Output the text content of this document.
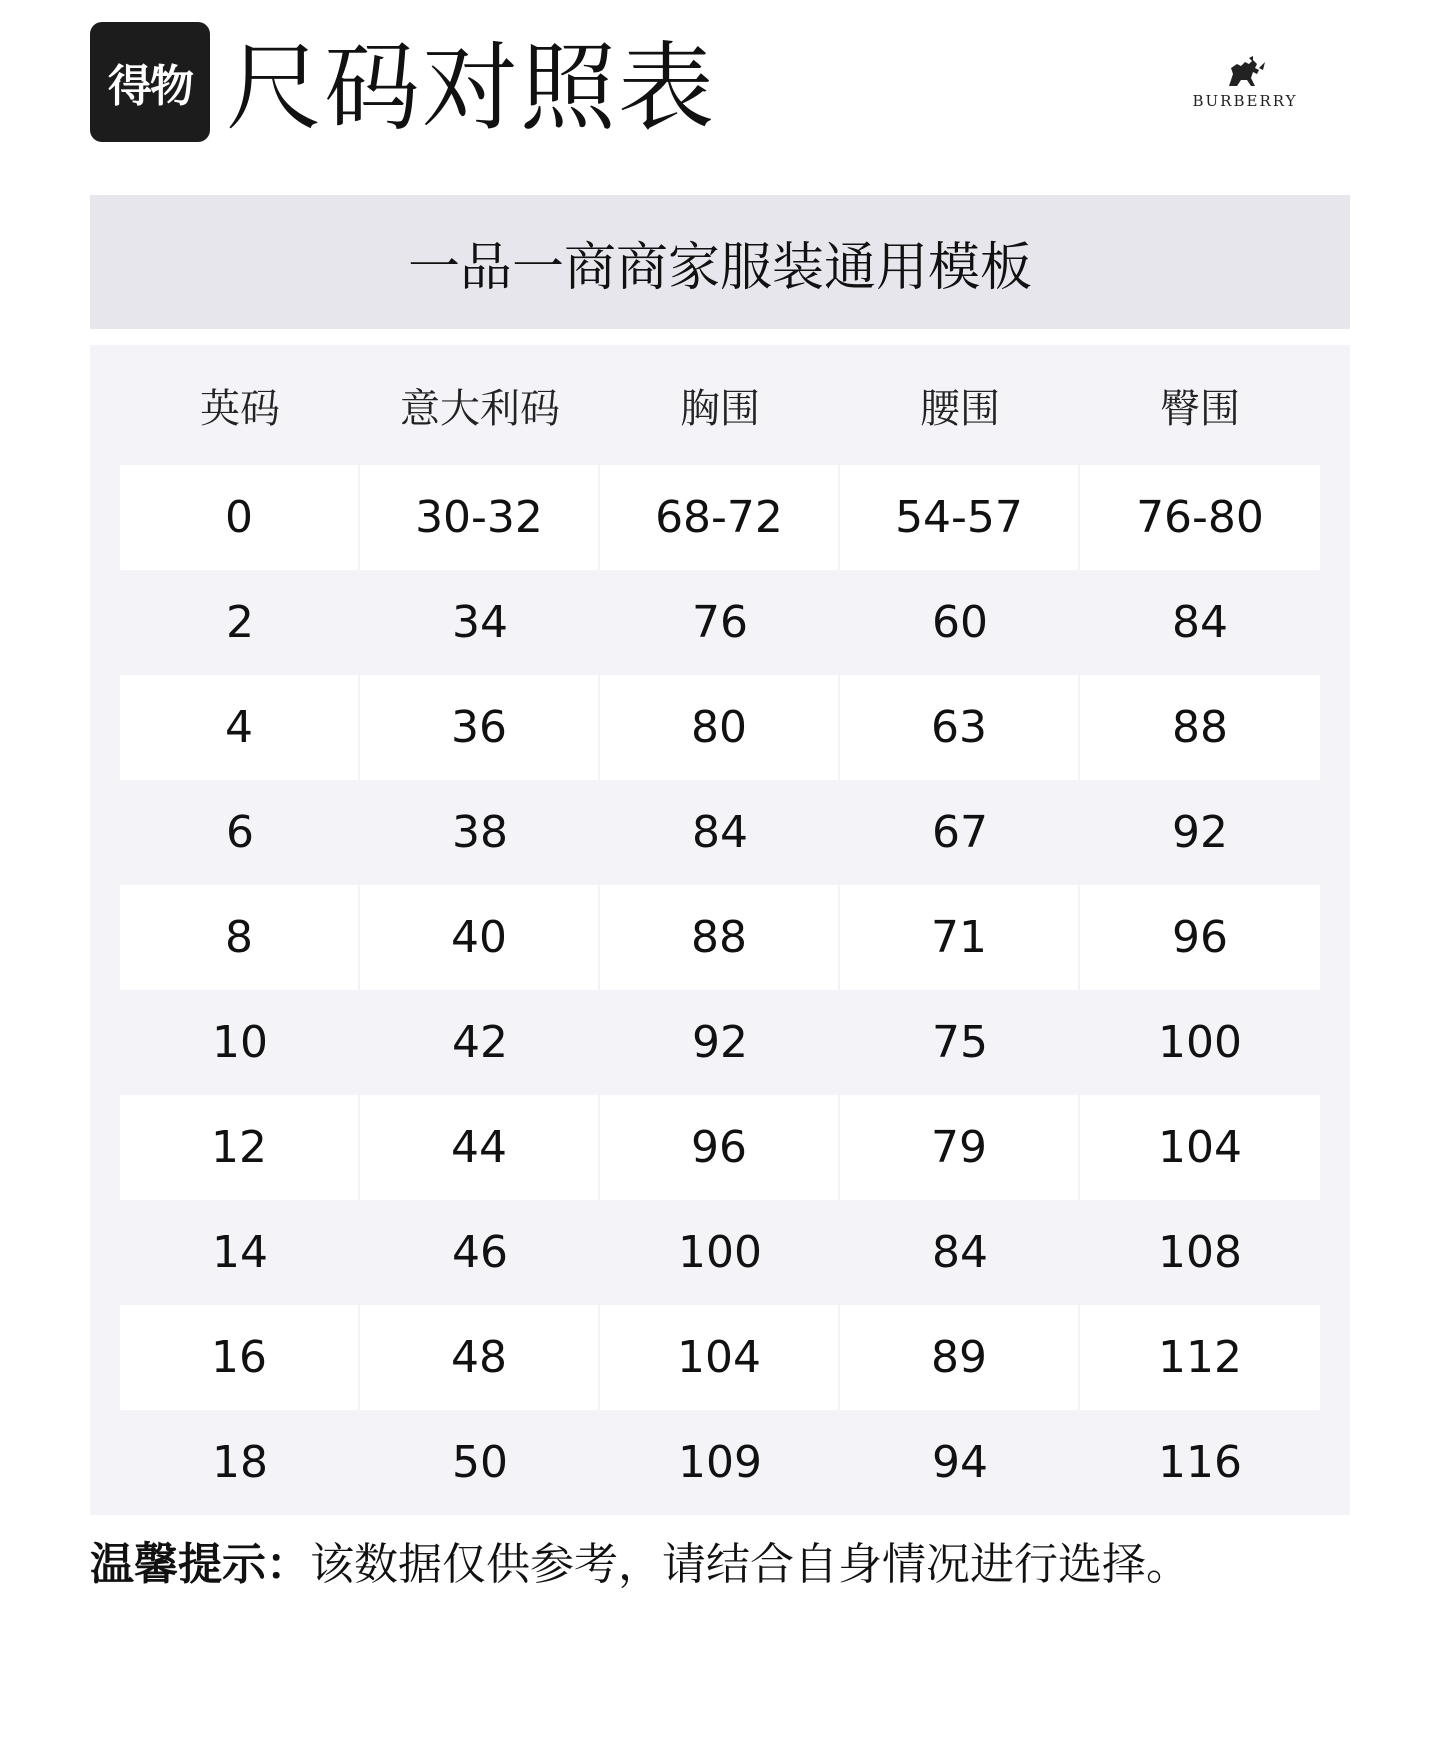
得物 尺码对照表	BURBERRY
一品一商商家服装通用模板
英码	意大利码	胸围	腰围	臀围
0	30-32	68-72	54-57	76-80
2	34	76	60	84
4	36	80	63	88
6	38	84	67	92
8	40	88	71	96
10	42	92	75	100
12	44	96	79	104
14	46	100	84	108
16	48	104	89	112
18	50	109	94	116
温馨提示：该数据仅供参考，请结合自身情况进行选择。
